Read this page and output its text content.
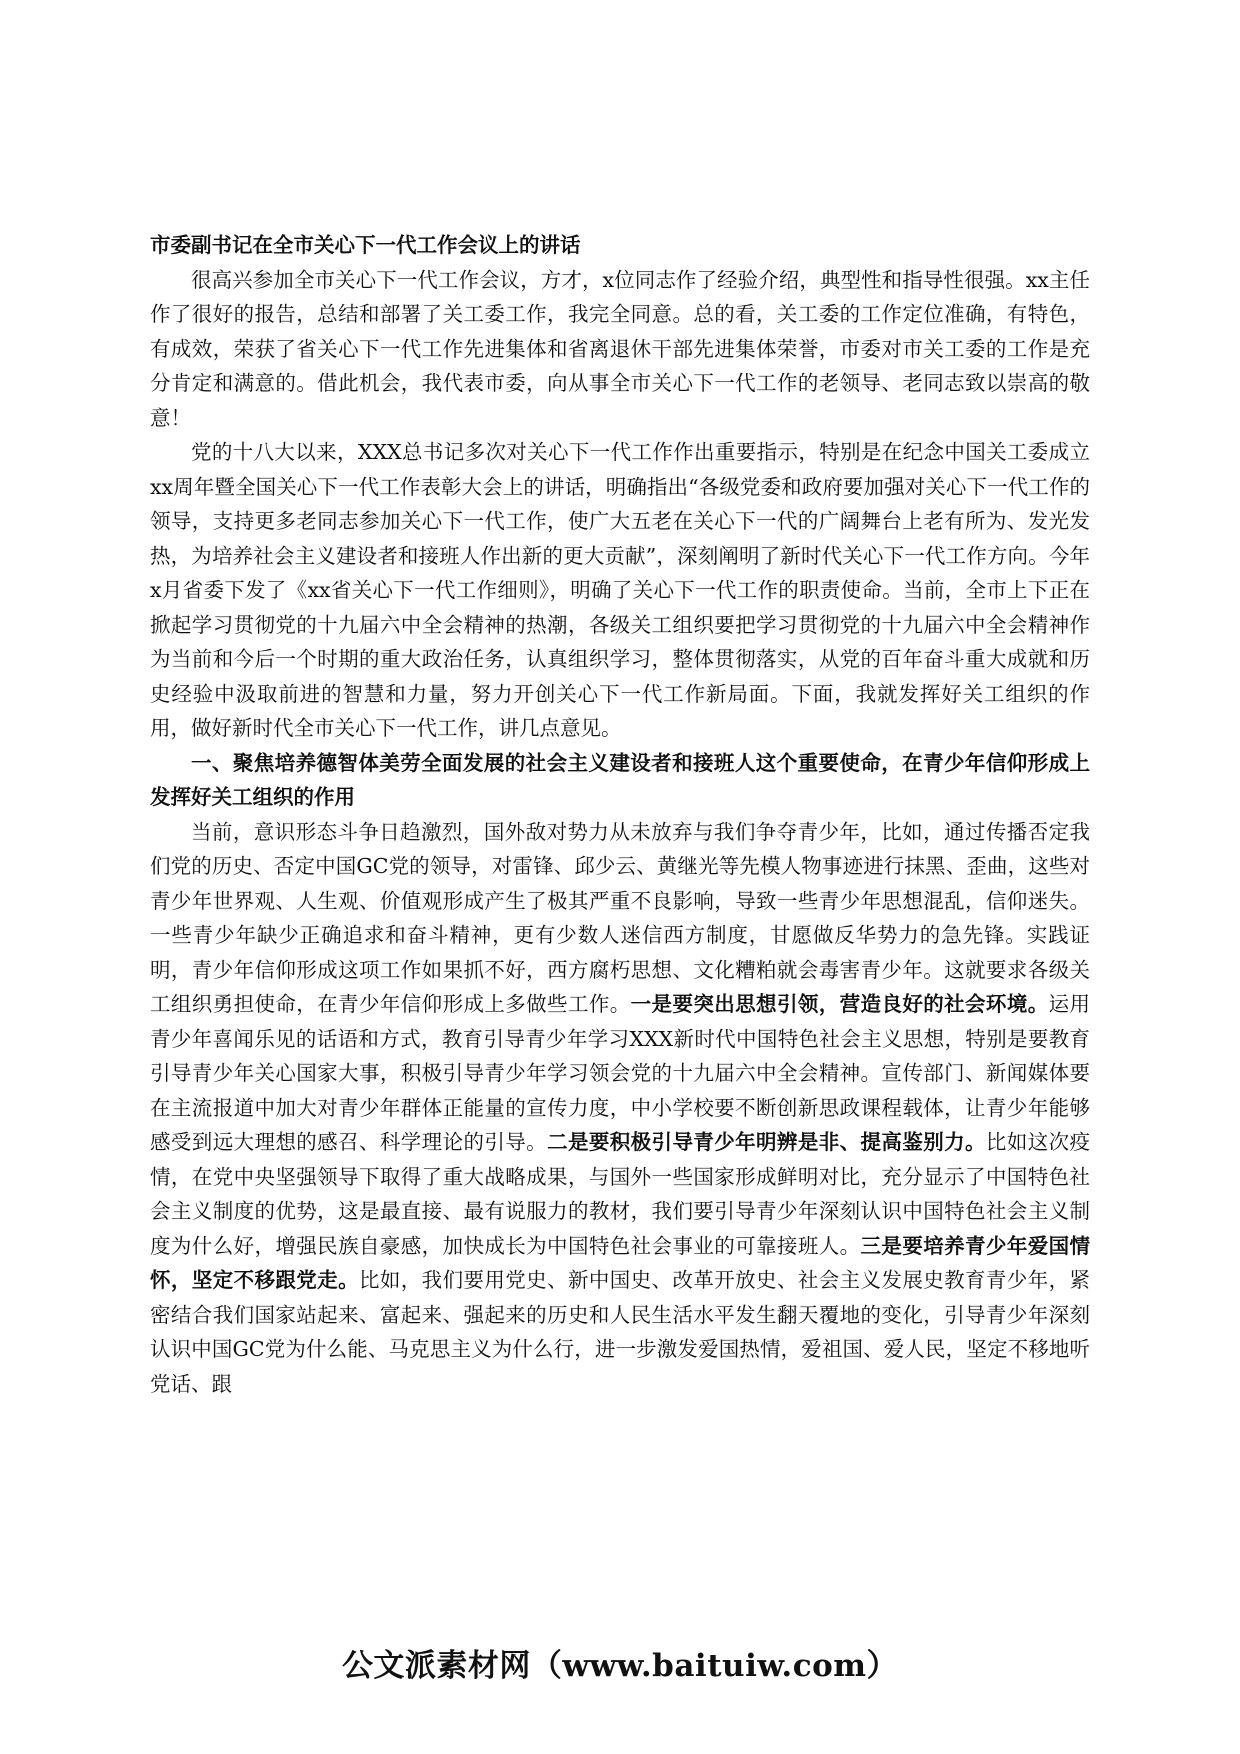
市委副书记在全市关心下一代工作会议上的讲话

很高兴参加全市关心下一代工作会议，方才，x位同志作了经验介绍，典型性和指导性很强。xx主任作了很好的报告，总结和部署了关工委工作，我完全同意。总的看，关工委的工作定位准确，有特色，有成效，荣获了省关心下一代工作先进集体和省离退休干部先进集体荣誉，市委对市关工委的工作是充分肯定和满意的。借此机会，我代表市委，向从事全市关心下一代工作的老领导、老同志致以崇高的敬意！

党的十八大以来，XXX总书记多次对关心下一代工作作出重要指示，特别是在纪念中国关工委成立xx周年暨全国关心下一代工作表彰大会上的讲话，明确指出“各级党委和政府要加强对关心下一代工作的领导，支持更多老同志参加关心下一代工作，使广大五老在关心下一代的广阔舞台上老有所为、发光发热，为培养社会主义建设者和接班人作出新的更大贡献”，深刻阐明了新时代关心下一代工作方向。今年x月省委下发了《xx省关心下一代工作细则》，明确了关心下一代工作的职责使命。当前，全市上下正在掀起学习贯彻党的十九届六中全会精神的热潮，各级关工组织要把学习贯彻党的十九届六中全会精神作为当前和今后一个时期的重大政治任务，认真组织学习，整体贯彻落实，从党的百年奋斗重大成就和历史经验中汲取前进的智慧和力量，努力开创关心下一代工作新局面。下面，我就发挥好关工组织的作用，做好新时代全市关心下一代工作，讲几点意见。

一、聚焦培养德智体美劳全面发展的社会主义建设者和接班人这个重要使命，在青少年信仰形成上发挥好关工组织的作用

当前，意识形态斗争日趋激烈，国外敌对势力从未放弃与我们争夺青少年，比如，通过传播否定我们党的历史、否定中国GC党的领导，对雷锋、邱少云、黄继光等先模人物事迹进行抹黑、歪曲，这些对青少年世界观、人生观、价值观形成产生了极其严重不良影响，导致一些青少年思想混乱，信仰迷失。一些青少年缺少正确追求和奋斗精神，更有少数人迷信西方制度，甘愿做反华势力的急先锋。实践证明，青少年信仰形成这项工作如果抓不好，西方腐朽思想、文化糟粕就会毒害青少年。这就要求各级关工组织勇担使命，在青少年信仰形成上多做些工作。一是要突出思想引领，营造良好的社会环境。运用青少年喜闻乐见的话语和方式，教育引导青少年学习XXX新时代中国特色社会主义思想，特别是要教育引导青少年关心国家大事，积极引导青少年学习领会党的十九届六中全会精神。宣传部门、新闻媒体要在主流报道中加大对青少年群体正能量的宣传力度，中小学校要不断创新思政课程载体，让青少年能够感受到远大理想的感召、科学理论的引导。二是要积极引导青少年明辨是非、提高鉴别力。比如这次疫情，在党中央坚强领导下取得了重大战略成果，与国外一些国家形成鲜明对比，充分显示了中国特色社会主义制度的优势，这是最直接、最有说服力的教材，我们要引导青少年深刻认识中国特色社会主义制度为什么好，增强民族自豪感，加快成长为中国特色社会事业的可靠接班人。三是要培养青少年爱国情怀，坚定不移跟党走。比如，我们要用党史、新中国史、改革开放史、社会主义发展史教育青少年，紧密结合我们国家站起来、富起来、强起来的历史和人民生活水平发生翻天覆地的变化，引导青少年深刻认识中国GC党为什么能、马克思主义为什么行，进一步激发爱国热情，爱祖国、爱人民，坚定不移地听党话、跟

公文派素材网（www.baituiw.com）
